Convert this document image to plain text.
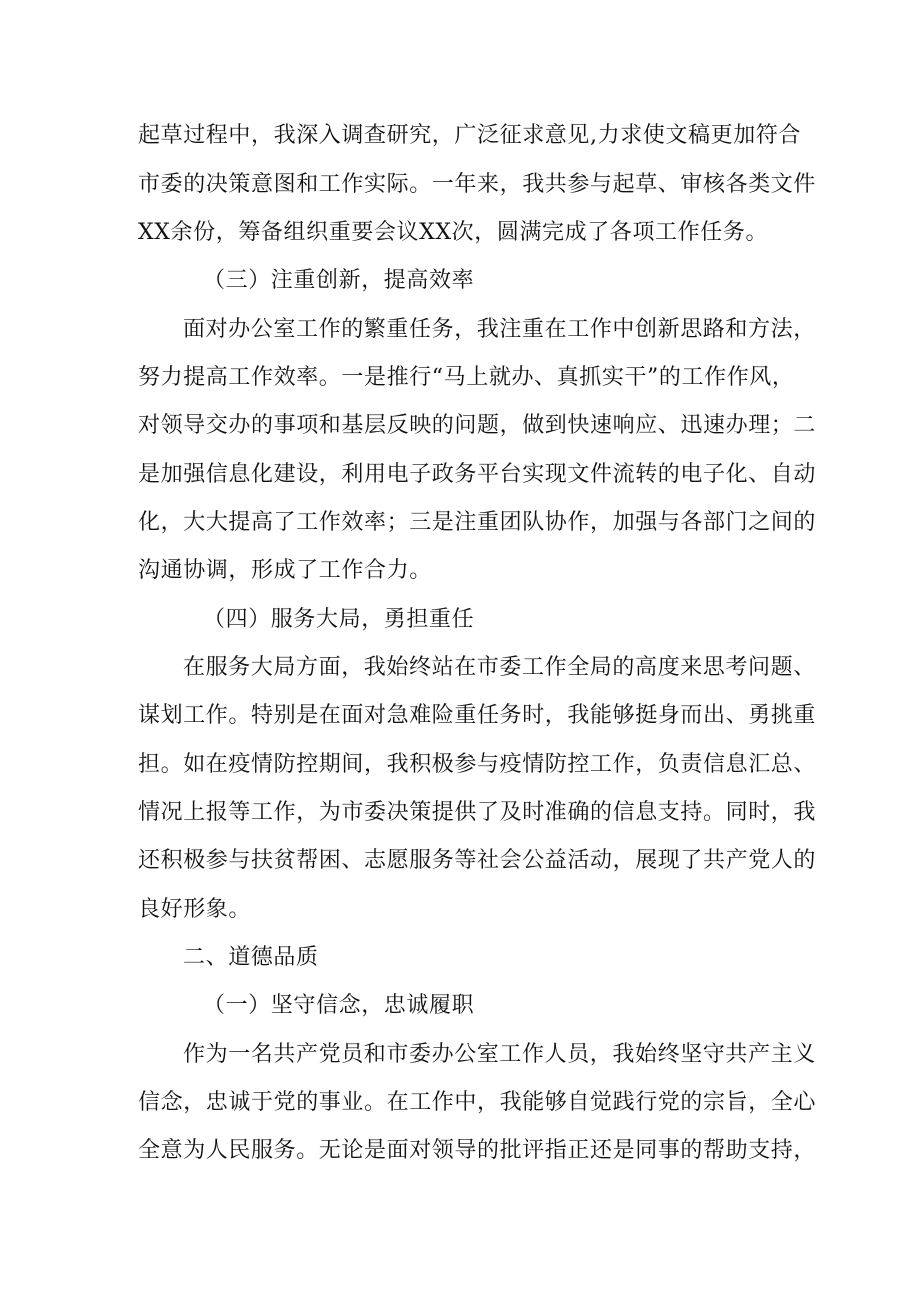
起草过程中，我深入调查研究，广泛征求意见,力求使文稿更加符合
市委的决策意图和工作实际。一年来，我共参与起草、审核各类文件
XX余份，筹备组织重要会议XX次，圆满完成了各项工作任务。
（三）注重创新，提高效率
面对办公室工作的繁重任务，我注重在工作中创新思路和方法，
努力提高工作效率。一是推行“马上就办、真抓实干”的工作作风，
对领导交办的事项和基层反映的问题，做到快速响应、迅速办理；二
是加强信息化建设，利用电子政务平台实现文件流转的电子化、自动
化，大大提高了工作效率；三是注重团队协作，加强与各部门之间的
沟通协调，形成了工作合力。
（四）服务大局，勇担重任
在服务大局方面，我始终站在市委工作全局的高度来思考问题、
谋划工作。特别是在面对急难险重任务时，我能够挺身而出、勇挑重
担。如在疫情防控期间，我积极参与疫情防控工作，负责信息汇总、
情况上报等工作，为市委决策提供了及时准确的信息支持。同时，我
还积极参与扶贫帮困、志愿服务等社会公益活动，展现了共产党人的
良好形象。
二、道德品质
（一）坚守信念，忠诚履职
作为一名共产党员和市委办公室工作人员，我始终坚守共产主义
信念，忠诚于党的事业。在工作中，我能够自觉践行党的宗旨，全心
全意为人民服务。无论是面对领导的批评指正还是同事的帮助支持，
